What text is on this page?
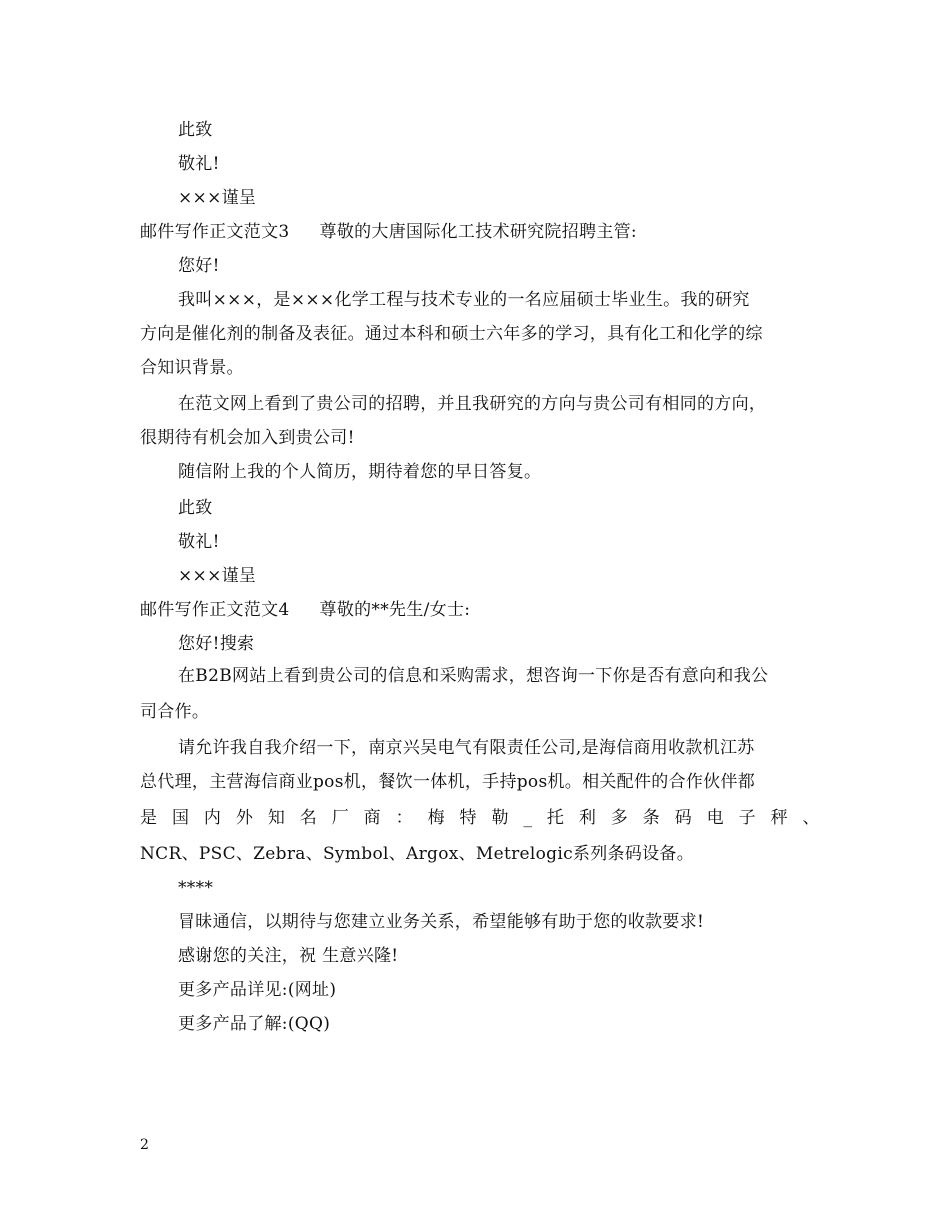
此致
敬礼!
×××谨呈
邮件写作正文范文3 尊敬的大唐国际化工技术研究院招聘主管:
您好!
我叫×××，是×××化学工程与技术专业的一名应届硕士毕业生。我的研究
方向是催化剂的制备及表征。通过本科和硕士六年多的学习，具有化工和化学的综
合知识背景。
在范文网上看到了贵公司的招聘，并且我研究的方向与贵公司有相同的方向，
很期待有机会加入到贵公司!
随信附上我的个人简历，期待着您的早日答复。
此致
敬礼!
×××谨呈
邮件写作正文范文4 尊敬的**先生/女士:
您好!搜索
在B2B网站上看到贵公司的信息和采购需求，想咨询一下你是否有意向和我公
司合作。
请允许我自我介绍一下，南京兴吴电气有限责任公司,是海信商用收款机江苏
总代理，主营海信商业pos机，餐饮一体机，手持pos机。相关配件的合作伙伴都
是 国 内 外 知 名 厂 商 ： 梅 特 勒 _ 托 利 多 条 码 电 子 秤 、
NCR、PSC、Zebra、Symbol、Argox、Metrelogic系列条码设备。
****
冒昧通信，以期待与您建立业务关系，希望能够有助于您的收款要求!
感谢您的关注，祝 生意兴隆!
更多产品详见:(网址)
更多产品了解:(QQ)
2
